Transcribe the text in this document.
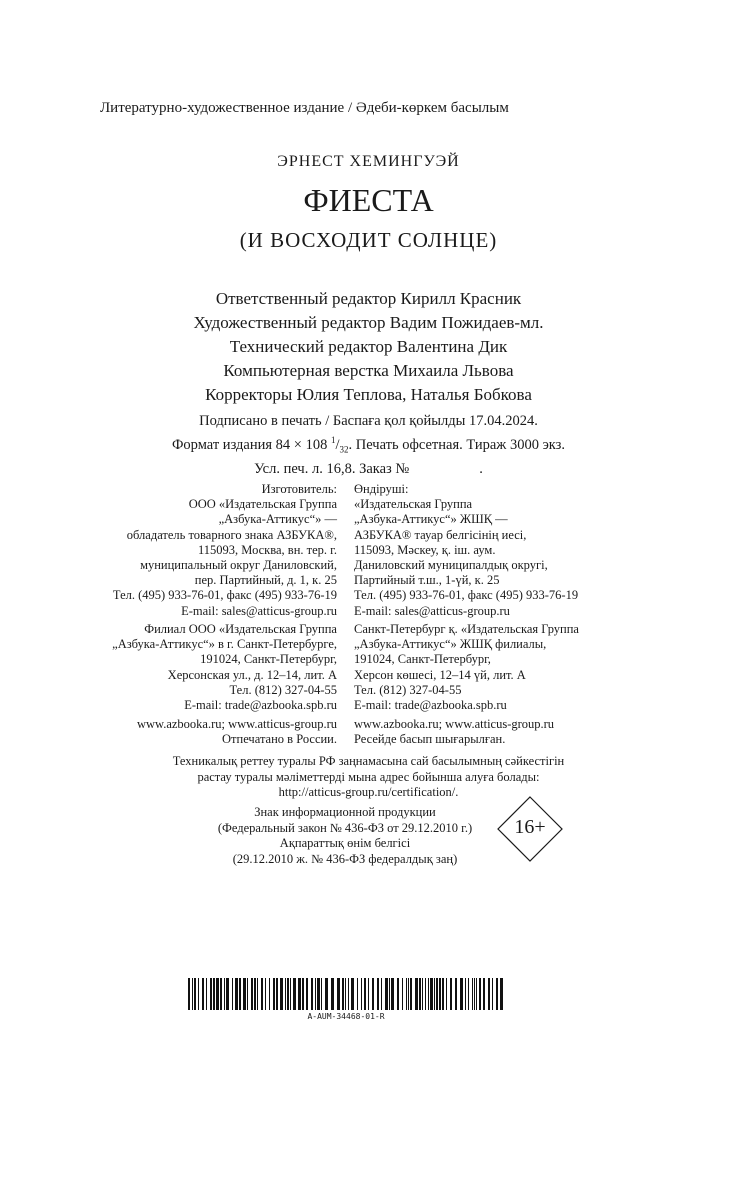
Литературно-художественное издание / Әдеби-көркем басылым
ЭРНЕСТ ХЕМИНГУЭЙ
ФИЕСТА
(И ВОСХОДИТ СОЛНЦЕ)
Ответственный редактор Кирилл Красник
Художественный редактор Вадим Пожидаев-мл.
Технический редактор Валентина Дик
Компьютерная верстка Михаила Львова
Корректоры Юлия Теплова, Наталья Бобкова
Подписано в печать / Баспаға қол қойылды 17.04.2024.
Формат издания 84 × 108 $^1/_{32}$. Печать офсетная. Тираж 3000 экз.
Усл. печ. л. 16,8. Заказ №	.
Изготовитель:
ООО «Издательская Группа
„Азбука-Аттикус“» —
обладатель товарного знака АЗБУКА®,
115093, Москва, вн. тер. г.
муниципальный округ Даниловский,
пер. Партийный, д. 1, к. 25
Тел. (495) 933-76-01, факс (495) 933-76-19
E-mail: sales@atticus-group.ru
Өндіруші:
«Издательская Группа
„Азбука-Аттикус“» ЖШҚ —
АЗБУКА® тауар белгісінің иесі,
115093, Мәскеу, қ. іш. аум.
Даниловский муниципалдық округі,
Партийный т.ш., 1-үй, к. 25
Тел. (495) 933-76-01, факс (495) 933-76-19
E-mail: sales@atticus-group.ru
Филиал ООО «Издательская Группа
„Азбука-Аттикус“» в г. Санкт-Петербурге,
191024, Санкт-Петербург,
Херсонская ул., д. 12–14, лит. А
Тел. (812) 327-04-55
E-mail: trade@azbooka.spb.ru
Санкт-Петербург қ. «Издательская Группа
„Азбука-Аттикус“» ЖШҚ филиалы,
191024, Санкт-Петербург,
Херсон көшесі, 12–14 үй, лит. А
Тел. (812) 327-04-55
E-mail: trade@azbooka.spb.ru
www.azbooka.ru; www.atticus-group.ru
Отпечатано в России.
www.azbooka.ru; www.atticus-group.ru
Ресейде басып шығарылған.
Техникалық реттеу туралы РФ заңнамасына сай басылымның сәйкестігін
растау туралы мәліметтерді мына адрес бойынша алуға болады:
http://atticus-group.ru/certification/.
Знак информационной продукции
(Федеральный закон № 436-ФЗ от 29.12.2010 г.)
Ақпараттық өнім белгісі
(29.12.2010 ж. № 436-ФЗ федералдық заң)
16+
A-AUM-34468-01-R
